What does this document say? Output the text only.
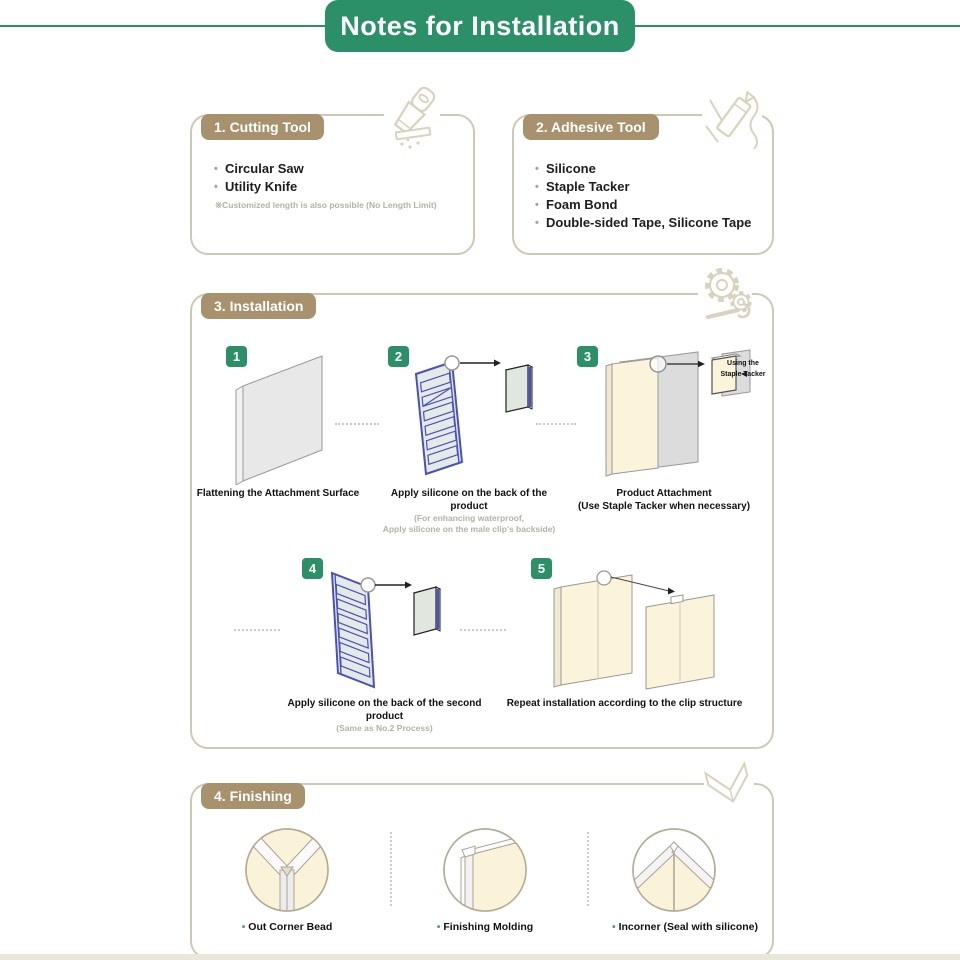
Notes for Installation
1. Cutting Tool
• Circular Saw
• Utility Knife
※Customized length is also possible (No Length Limit)
2. Adhesive Tool
• Silicone
• Staple Tacker
• Foam Bond
• Double-sided Tape, Silicone Tape
3. Installation
1	2	3	Using the
Staple Tacker
Flattening the Attachment Surface	Apply silicone on the back of the product
(For enhancing waterproof,
Apply silicone on the male clip's backside)
Product Attachment
(Use Staple Tacker when necessary)
4	5
Apply silicone on the back of the second product
(Same as No.2 Process)
Repeat installation according to the clip structure
4. Finishing
• Out Corner Bead	• Finishing Molding	• Incorner (Seal with silicone)
